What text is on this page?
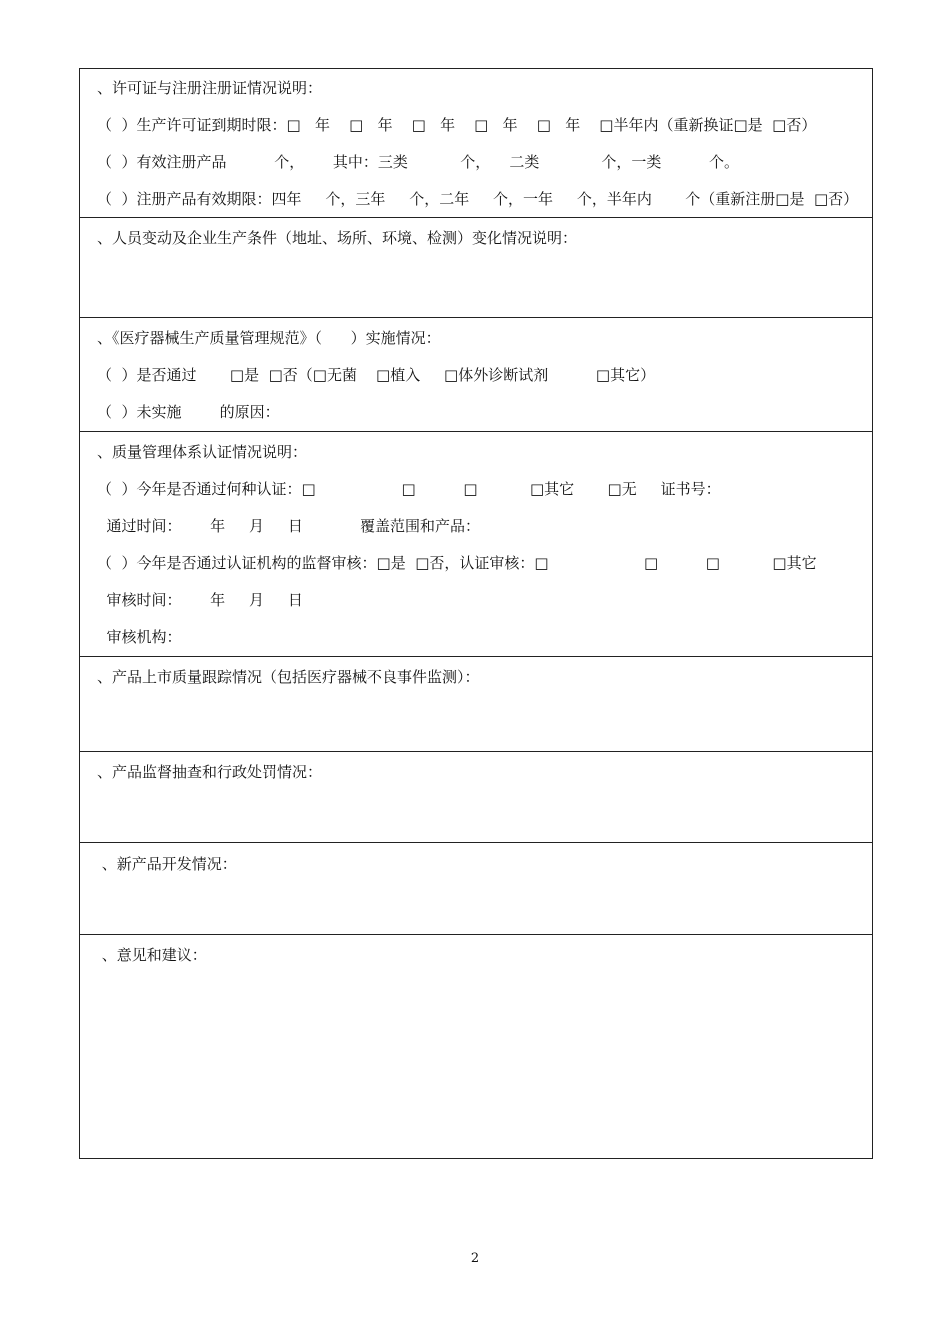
、许可证与注册注册证情况说明：
（  ）生产许可证到期时限：□   年    □   年    □   年    □   年    □   年    □半年内（重新换证□是  □否）
（  ）有效注册产品          个，      其中：三类           个，    二类             个，一类          个。
（  ）注册产品有效期限：四年     个，三年     个，二年     个，一年     个，半年内       个（重新注册□是  □否）
、人员变动及企业生产条件（地址、场所、环境、检测）变化情况说明：
、《医疗器械生产质量管理规范》（      ）实施情况：
（  ）是否通过       □是  □否（□无菌    □植入     □体外诊断试剂          □其它）
（  ）未实施        的原因：
、质量管理体系认证情况说明：
（  ）今年是否通过何种认证：□                  □          □           □其它       □无     证书号：
通过时间：      年     月     日            覆盖范围和产品：
（  ）今年是否通过认证机构的监督审核：□是  □否，认证审核：□                    □          □           □其它
审核时间：      年     月     日
审核机构：
、产品上市质量跟踪情况（包括医疗器械不良事件监测）：
、产品监督抽查和行政处罚情况：
、新产品开发情况：
、意见和建议：
2
